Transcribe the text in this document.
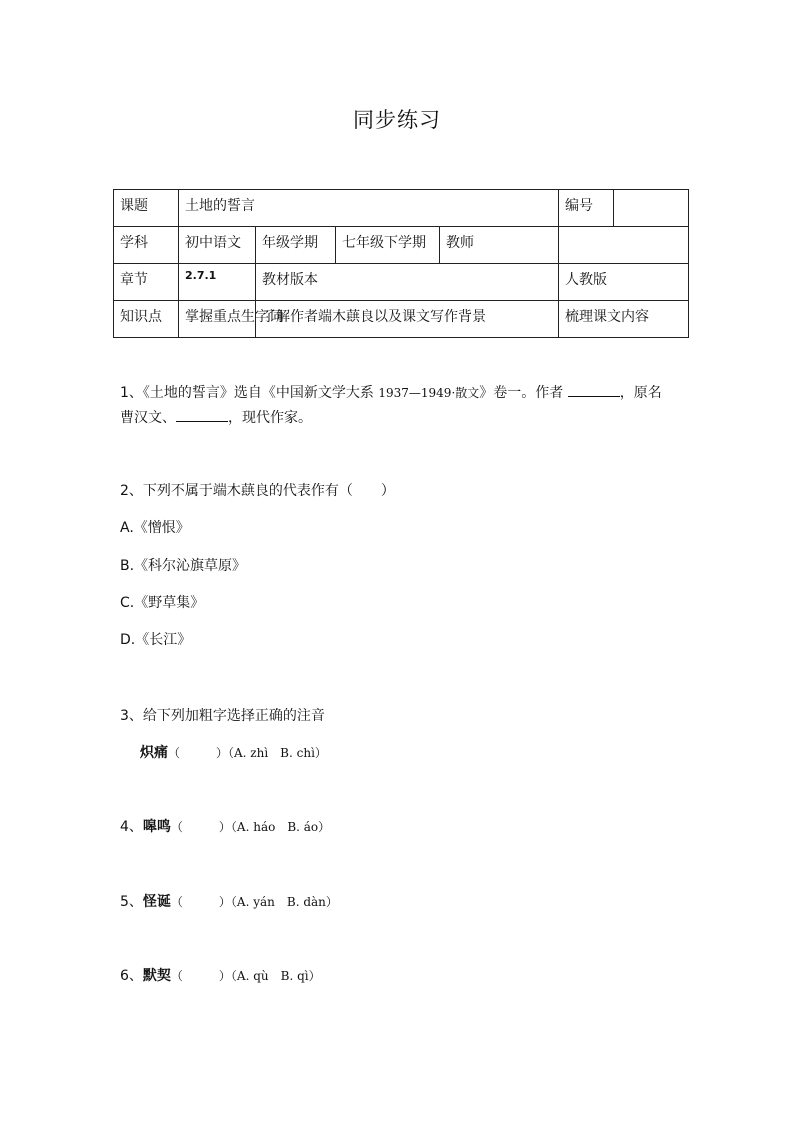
同步练习
课题	土地的誓言				编号	
学科	初中语文	年级学期	七年级下学期	教师		
章节	2.7.1	教材版本			人教版	
知识点	掌握重点生字词	了解作者端木蕻良以及课文写作背景			梳理课文内容	
1、《土地的誓言》选自《中国新文学大系 1937—1949·散文》卷一。作者	，原名
曹汉文、	，现代作家。
2、下列不属于端木蕻良的代表作有（　　）
A.《憎恨》
B.《科尔沁旗草原》
C.《野草集》
D.《长江》
3、给下列加粗字选择正确的注音
炽痛（　　　）（A. zhì　B. chì）
4、嗥鸣（　　　）（A. háo　B. áo）
5、怪诞（　　　）（A. yán　B. dàn）
6、默契（　　　）（A. qù　B. qì）
